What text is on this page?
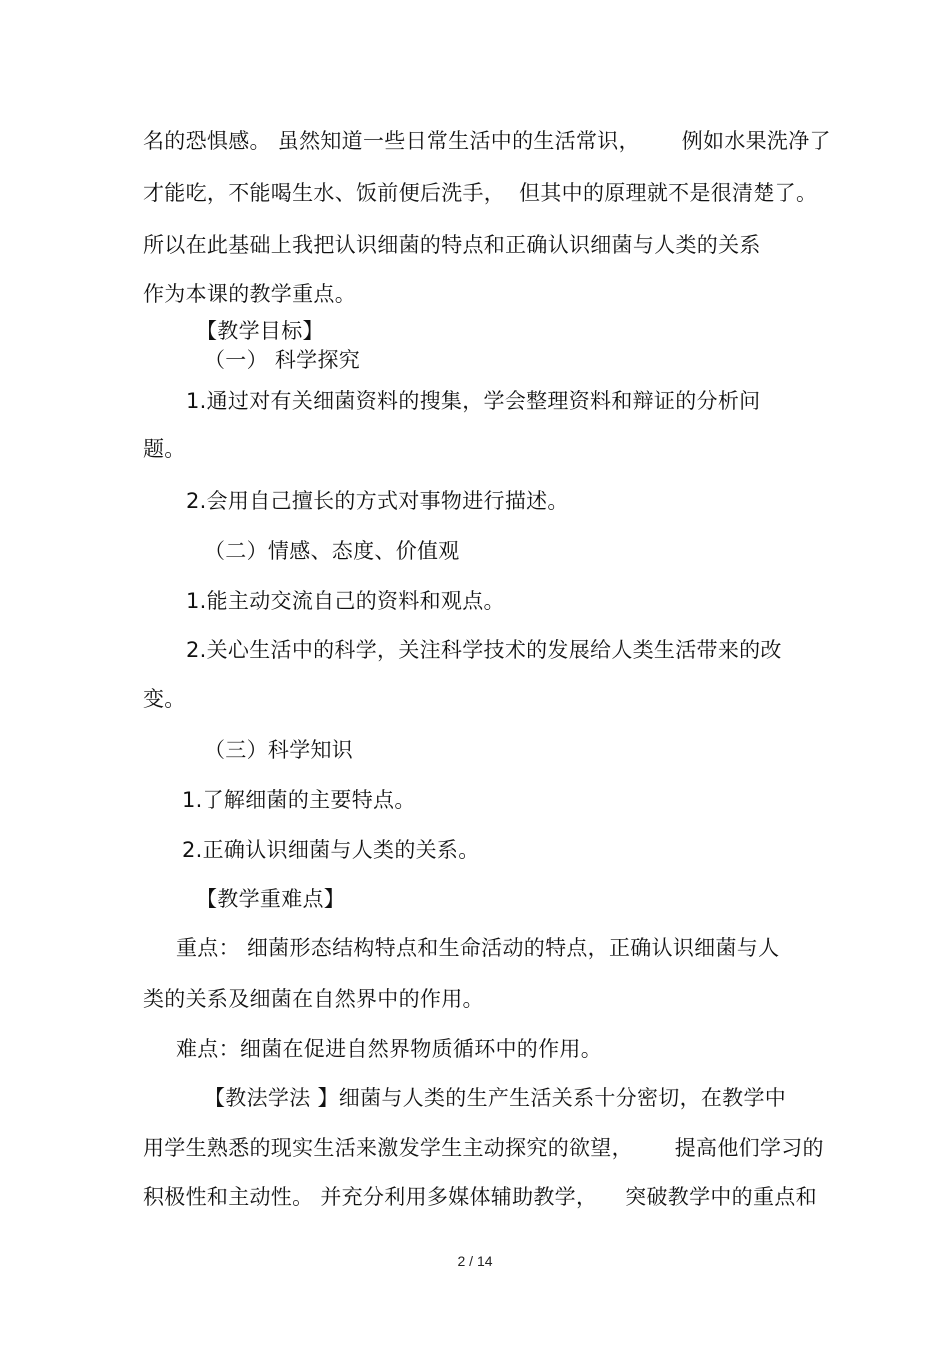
名的恐惧感。 虽然知道一些日常生活中的生活常识，      例如水果洗净了
才能吃，不能喝生水、饭前便后洗手，  但其中的原理就不是很清楚了。
所以在此基础上我把认识细菌的特点和正确认识细菌与人类的关系
作为本课的教学重点。
【教学目标】
（一） 科学探究
1.通过对有关细菌资料的搜集，学会整理资料和辩证的分析问
题。
2.会用自己擅长的方式对事物进行描述。
（二）情感、态度、价值观
1.能主动交流自己的资料和观点。
2.关心生活中的科学，关注科学技术的发展给人类生活带来的改
变。
（三）科学知识
1.了解细菌的主要特点。
2.正确认识细菌与人类的关系。
【教学重难点】
重点： 细菌形态结构特点和生命活动的特点，正确认识细菌与人
类的关系及细菌在自然界中的作用。
难点：细菌在促进自然界物质循环中的作用。
【教法学法 】细菌与人类的生产生活关系十分密切，在教学中
用学生熟悉的现实生活来激发学生主动探究的欲望，      提高他们学习的
积极性和主动性。 并充分利用多媒体辅助教学，    突破教学中的重点和
2 / 14
